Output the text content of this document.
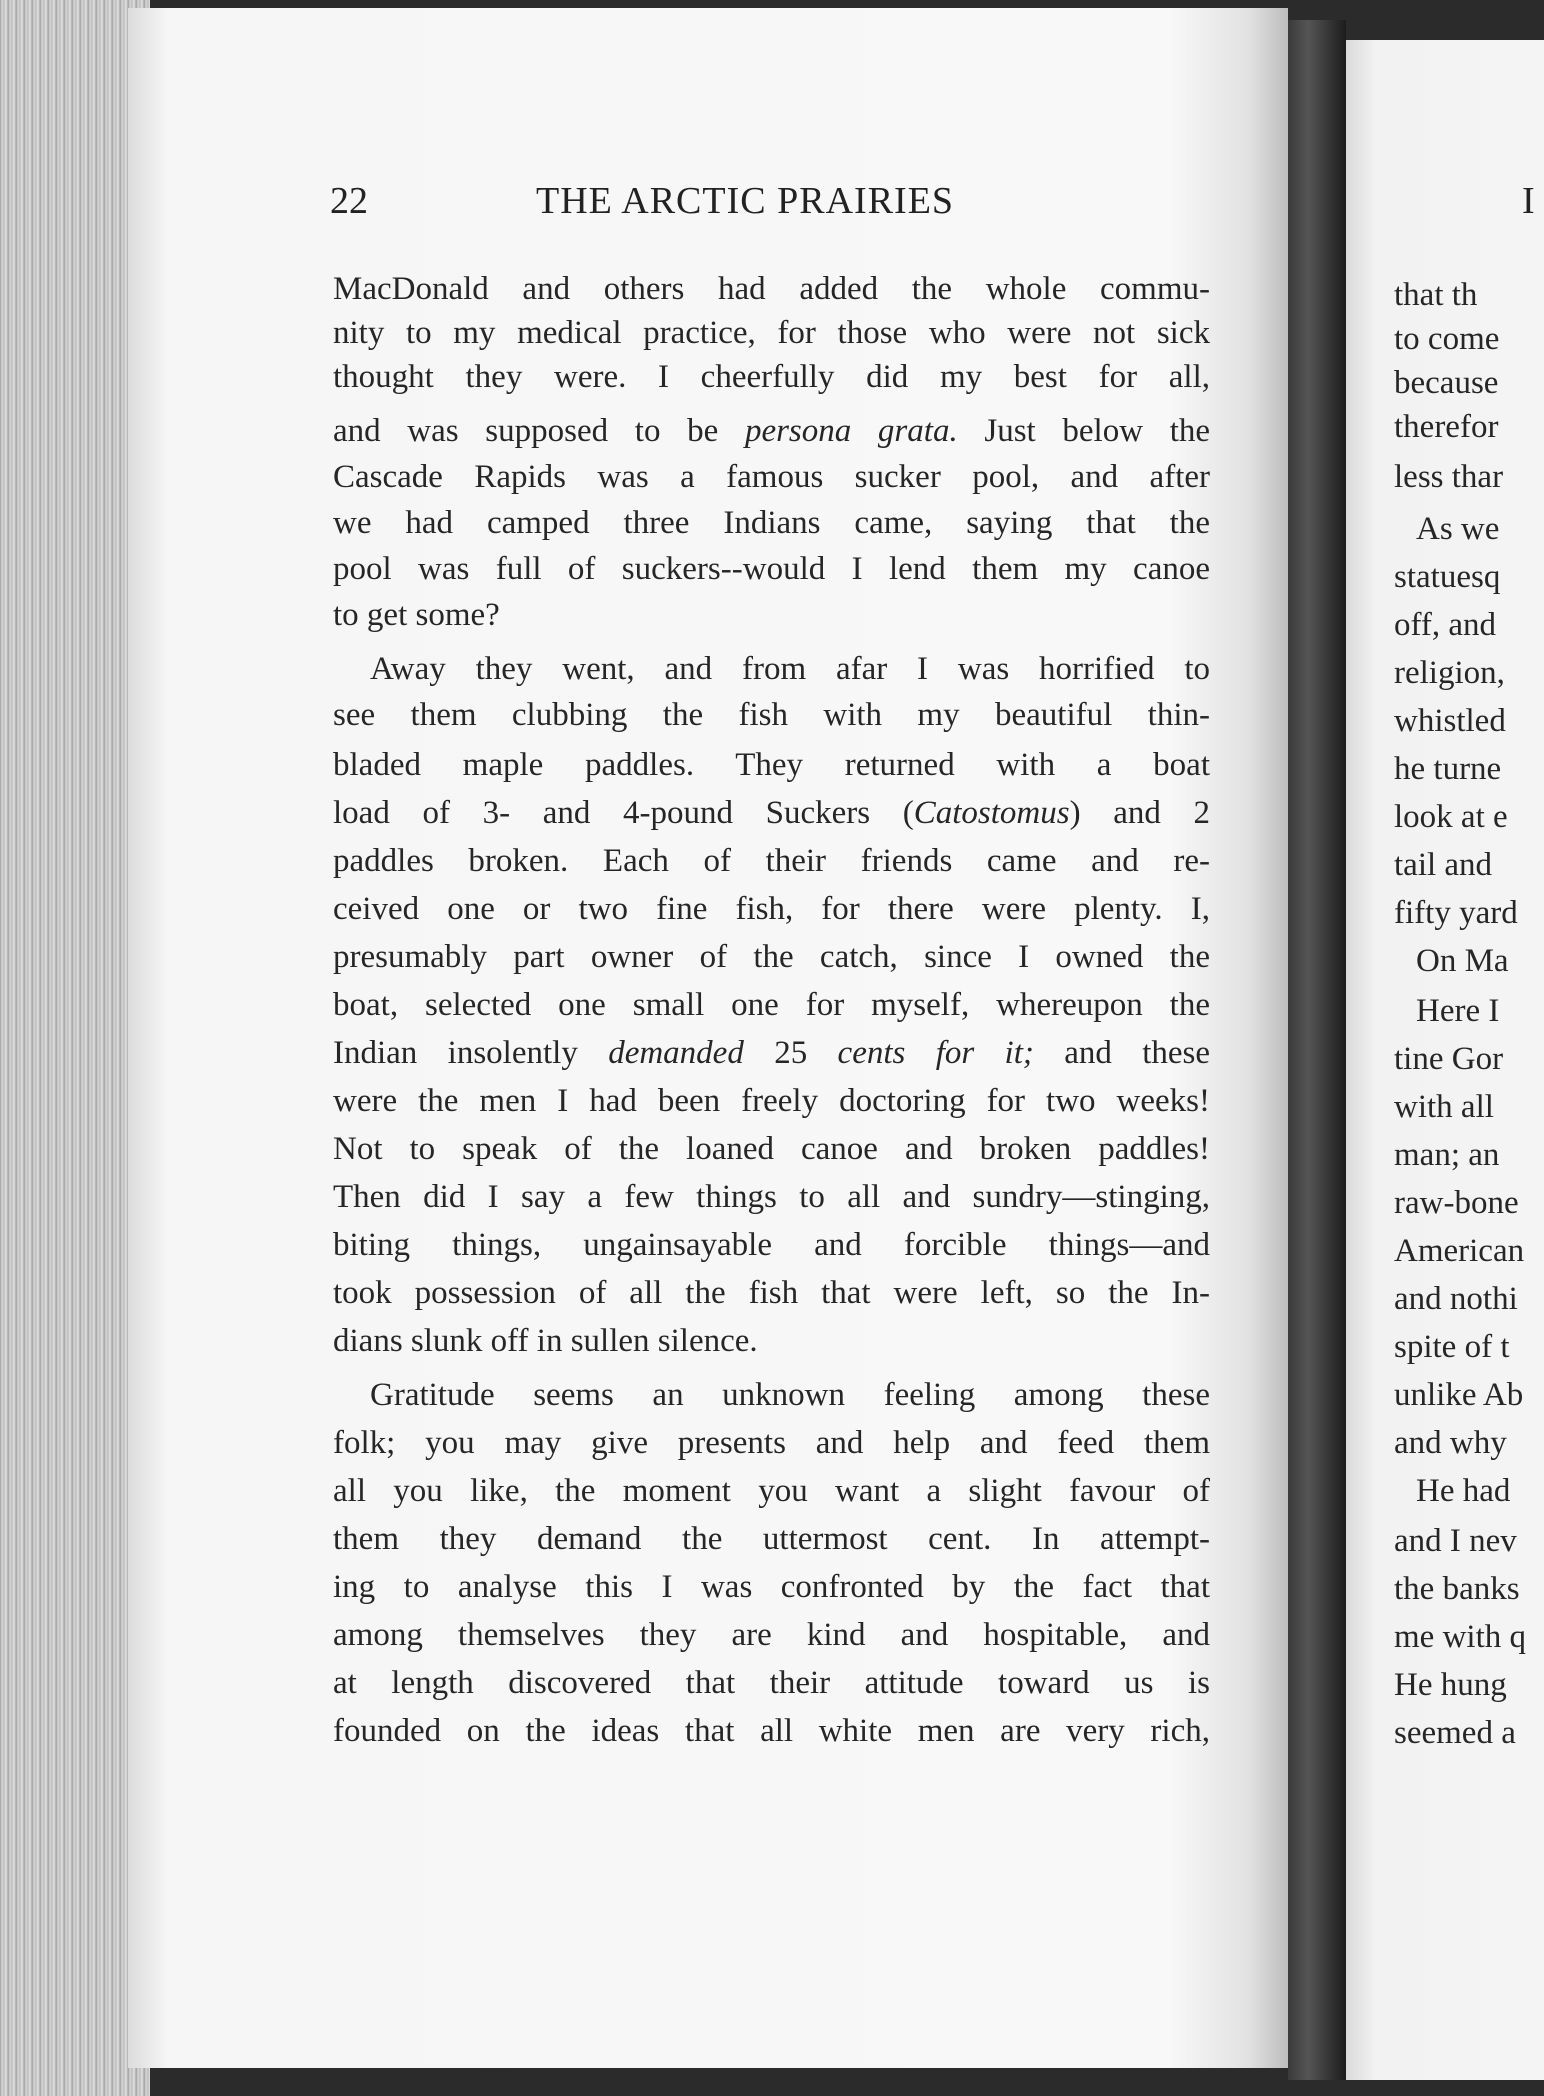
22	THE ARCTIC PRAIRIES
MacDonald and others had added the whole commu-
nity to my medical practice, for those who were not sick
thought they were. I cheerfully did my best for all,
and was supposed to be persona grata. Just below the
Cascade Rapids was a famous sucker pool, and after
we had camped three Indians came, saying that the
pool was full of suckers--would I lend them my canoe
to get some?
Away they went, and from afar I was horrified to
see them clubbing the fish with my beautiful thin-
bladed maple paddles. They returned with a boat
load of 3- and 4-pound Suckers (Catostomus) and 2
paddles broken. Each of their friends came and re-
ceived one or two fine fish, for there were plenty. I,
presumably part owner of the catch, since I owned the
boat, selected one small one for myself, whereupon the
Indian insolently demanded 25 cents for it; and these
were the men I had been freely doctoring for two weeks!
Not to speak of the loaned canoe and broken paddles!
Then did I say a few things to all and sundry—stinging,
biting things, ungainsayable and forcible things—and
took possession of all the fish that were left, so the In-
dians slunk off in sullen silence.
Gratitude seems an unknown feeling among these
folk; you may give presents and help and feed them
all you like, the moment you want a slight favour of
them they demand the uttermost cent. In attempt-
ing to analyse this I was confronted by the fact that
among themselves they are kind and hospitable, and
at length discovered that their attitude toward us is
founded on the ideas that all white men are very rich,
I
that th
to come
because
therefor
less thar
As we
statuesq
off, and
religion,
whistled
he turne
look at e
tail and
fifty yard
On Ma
Here I
tine Gor
with all
man; an
raw-bone
American
and nothi
spite of t
unlike Ab
and why
He had
and I nev
the banks
me with q
He hung
seemed a
